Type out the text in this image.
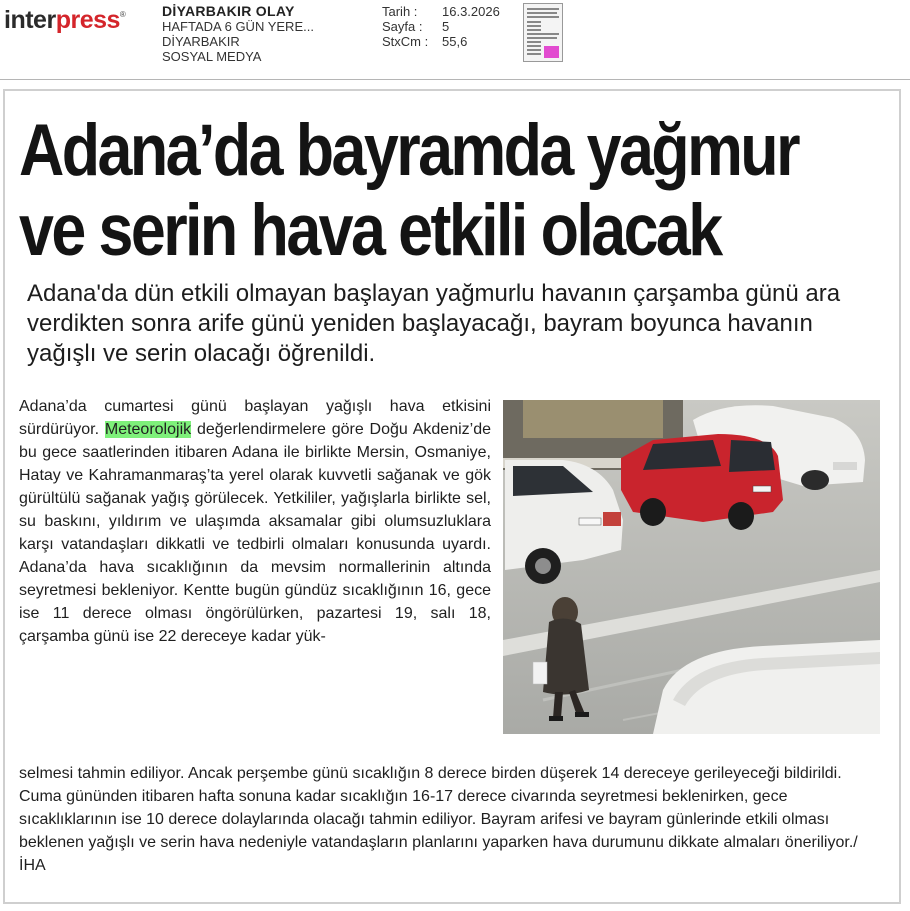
interpress®	DİYARBAKIR OLAY
HAFTADA 6 GÜN YERE...
DİYARBAKIR
SOSYAL MEDYA
Tarih :	16.3.2026
Sayfa :	5
StxCm :	55,6
Adana’da bayramda yağmur
ve serin hava etkili olacak
Adana'da dün etkili olmayan başlayan yağmurlu havanın çarşamba günü ara verdikten sonra arife günü yeniden başlayacağı, bayram boyunca havanın yağışlı ve serin olacağı öğrenildi.
Adana’da cumartesi günü başlayan yağışlı hava etkisini sürdürüyor. Meteorolojik değerlendirmelere göre Doğu Akdeniz’de bu gece saatlerinden itibaren Adana ile birlikte Mersin, Osmaniye, Hatay ve Kahramanmaraş’ta yerel olarak kuvvetli sağanak ve gök gürültülü sağanak yağış görülecek. Yetkililer, yağışlarla birlikte sel, su baskını, yıldırım ve ulaşımda aksamalar gibi olumsuzluklara karşı vatandaşları dikkatli ve tedbirli olmaları konusunda uyardı. Adana’da hava sıcaklığının da mevsim normallerinin altında seyretmesi bekleniyor. Kentte bugün gündüz sıcaklığının 16, gece ise 11 derece olması öngörülürken, pazartesi 19, salı 18, çarşamba günü ise 22 dereceye kadar yük-
selmesi tahmin ediliyor. Ancak perşembe günü sıcaklığın 8 derece birden düşerek 14 dereceye gerileyeceği bildirildi. Cuma gününden itibaren hafta sonuna kadar sıcaklığın 16-17 derece civarında seyretmesi beklenirken, gece sıcaklıklarının ise 10 derece dolaylarında olacağı tahmin ediliyor. Bayram arifesi ve bayram günlerinde etkili olması beklenen yağışlı ve serin hava nedeniyle vatandaşların planlarını yaparken hava durumunu dikkate almaları öneriliyor./İHA
